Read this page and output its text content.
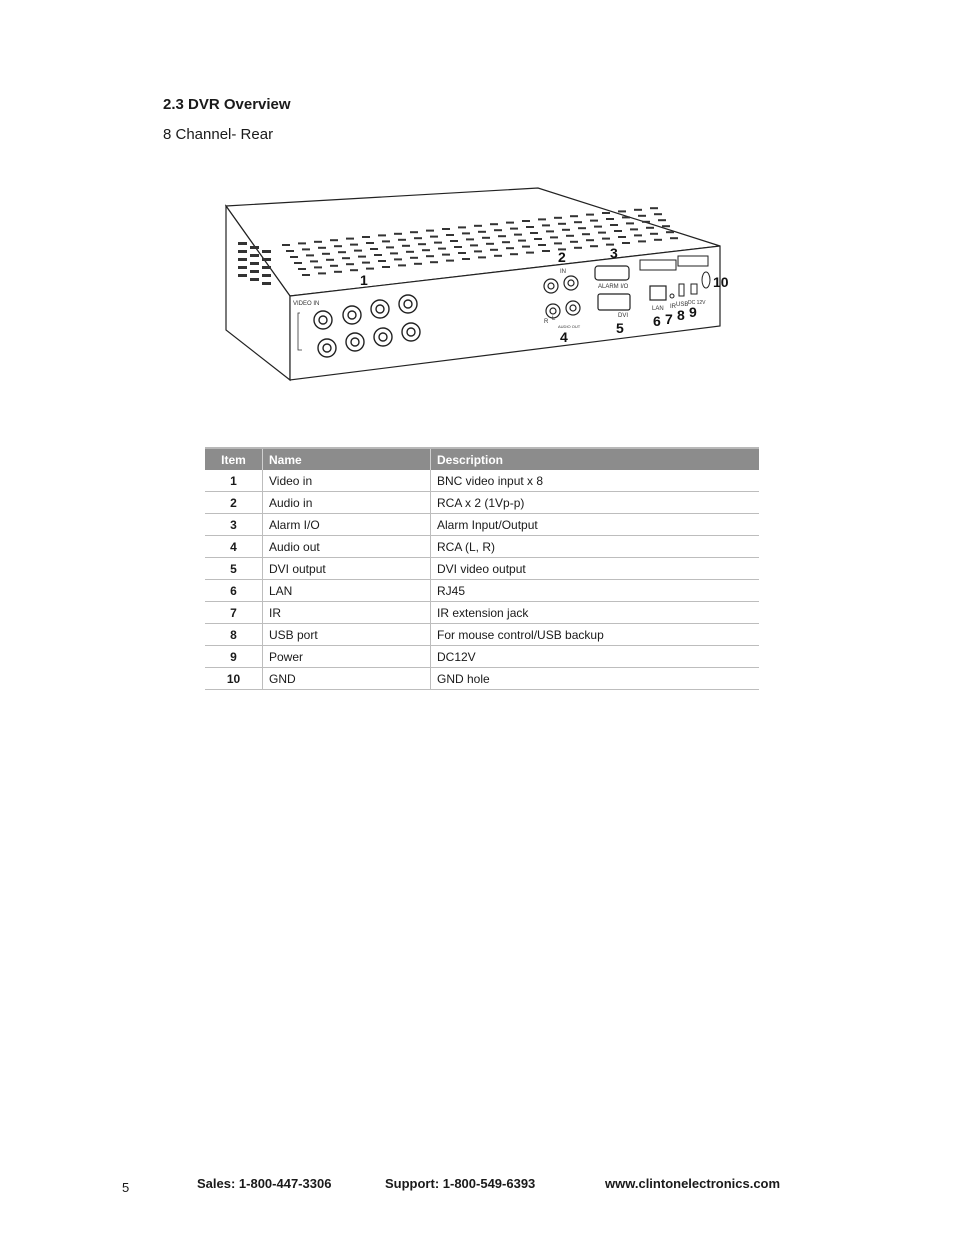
2.3 DVR Overview

8 Channel- Rear

VIDEO IN
IN
R L
AUDIO OUT
ALARM I/O
DVI
LAN IR USB DC 12V
1
2	3
4
5 6 7 8 9
10
Item	Name	Description
1	Video in	BNC video input x 8
2	Audio in	RCA x 2 (1Vp-p)
3	Alarm I/O	Alarm Input/Output
4	Audio out	RCA (L, R)
5	DVI output	DVI video output
6	LAN	RJ45
7	IR	IR extension jack
8	USB port	For mouse control/USB backup
9	Power	DC12V
10	GND	GND hole
5	Sales: 1-800-447-3306	Support: 1-800-549-6393	www.clintonelectronics.com
